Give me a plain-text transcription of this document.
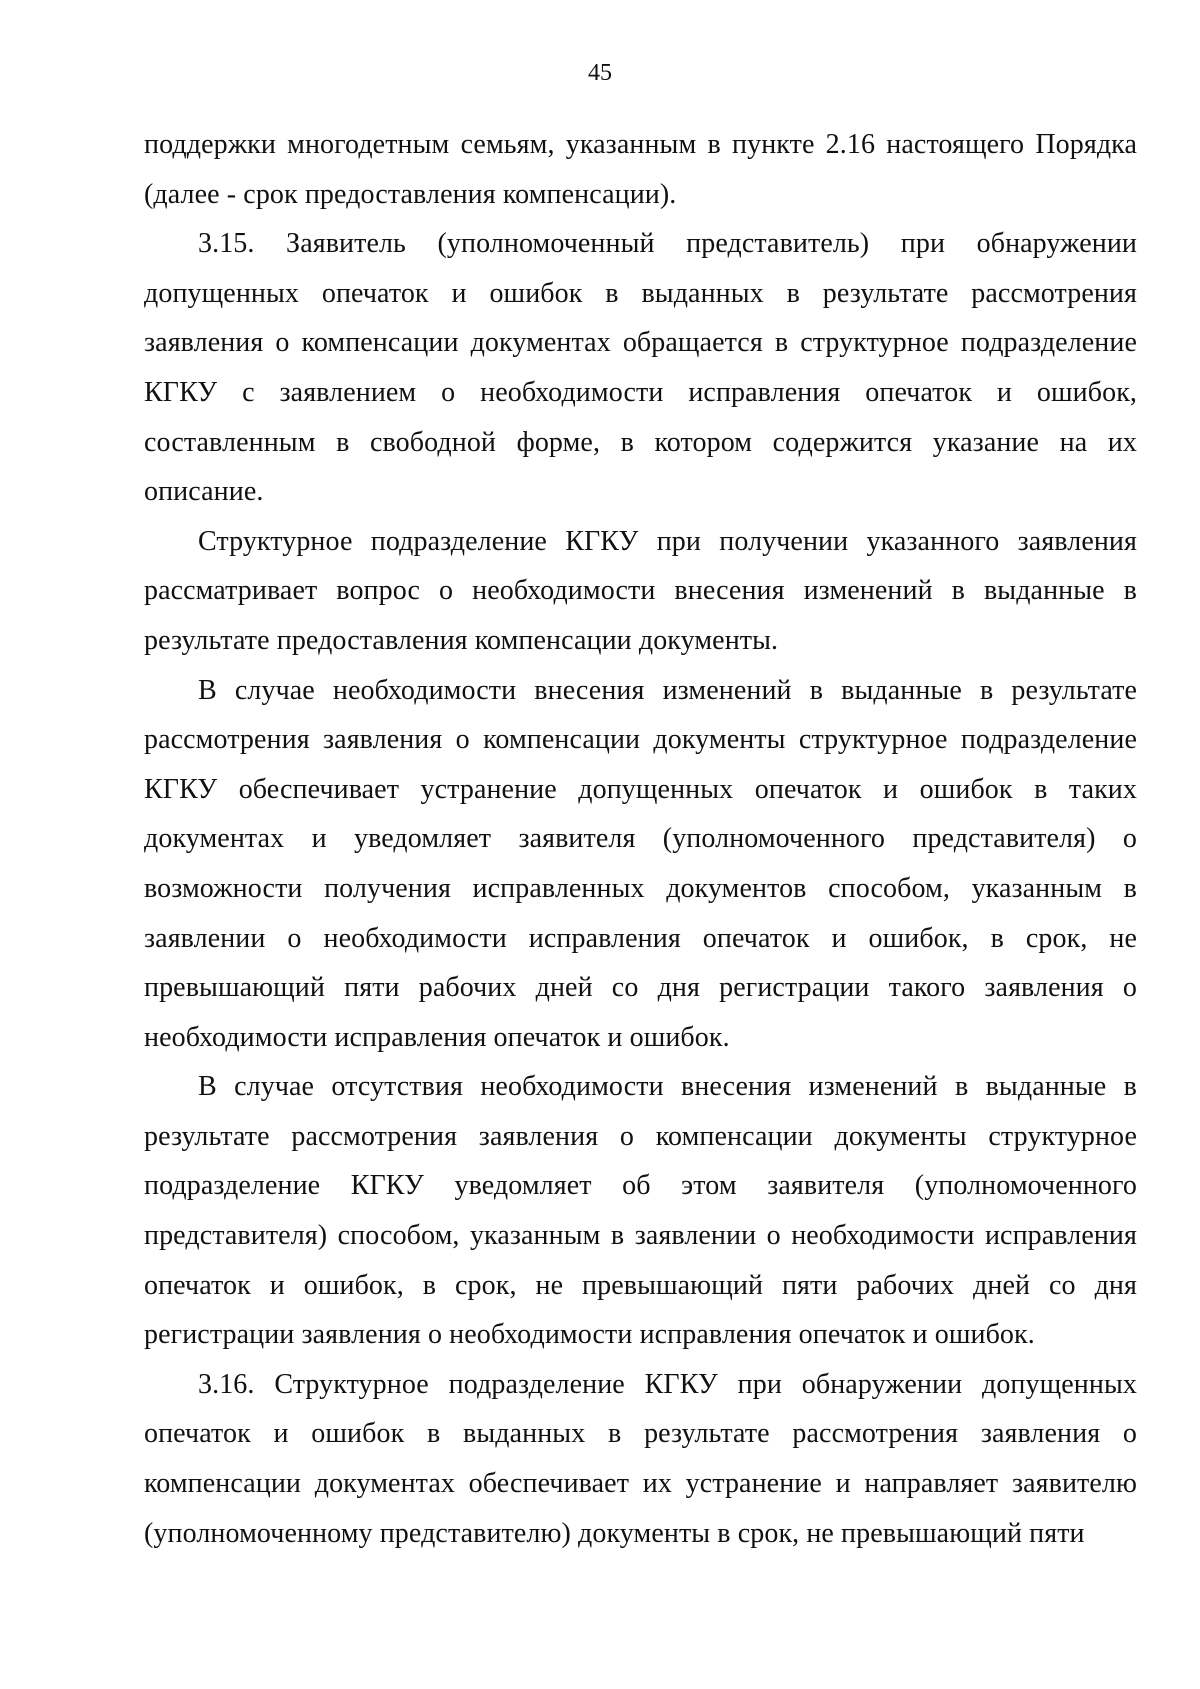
45

поддержки многодетным семьям, указанным в пункте 2.16 настоящего Порядка (далее - срок предоставления компенсации).

3.15. Заявитель (уполномоченный представитель) при обнаружении допущенных опечаток и ошибок в выданных в результате рассмотрения заявления о компенсации документах обращается в структурное подразделение КГКУ с заявлением о необходимости исправления опечаток и ошибок, составленным в свободной форме, в котором содержится указание на их описание.

Структурное подразделение КГКУ при получении указанного заявления рассматривает вопрос о необходимости внесения изменений в выданные в результате предоставления компенсации документы.

В случае необходимости внесения изменений в выданные в результате рассмотрения заявления о компенсации документы структурное подразделение КГКУ обеспечивает устранение допущенных опечаток и ошибок в таких документах и уведомляет заявителя (уполномоченного представителя) о возможности получения исправленных документов способом, указанным в заявлении о необходимости исправления опечаток и ошибок, в срок, не превышающий пяти рабочих дней со дня регистрации такого заявления о необходимости исправления опечаток и ошибок.

В случае отсутствия необходимости внесения изменений в выданные в результате рассмотрения заявления о компенсации документы структурное подразделение КГКУ уведомляет об этом заявителя (уполномоченного представителя) способом, указанным в заявлении о необходимости исправления опечаток и ошибок, в срок, не превышающий пяти рабочих дней со дня регистрации заявления о необходимости исправления опечаток и ошибок.

3.16. Структурное подразделение КГКУ при обнаружении допущенных опечаток и ошибок в выданных в результате рассмотрения заявления о компенсации документах обеспечивает их устранение и направляет заявителю (уполномоченному представителю) документы в срок, не превышающий пяти
